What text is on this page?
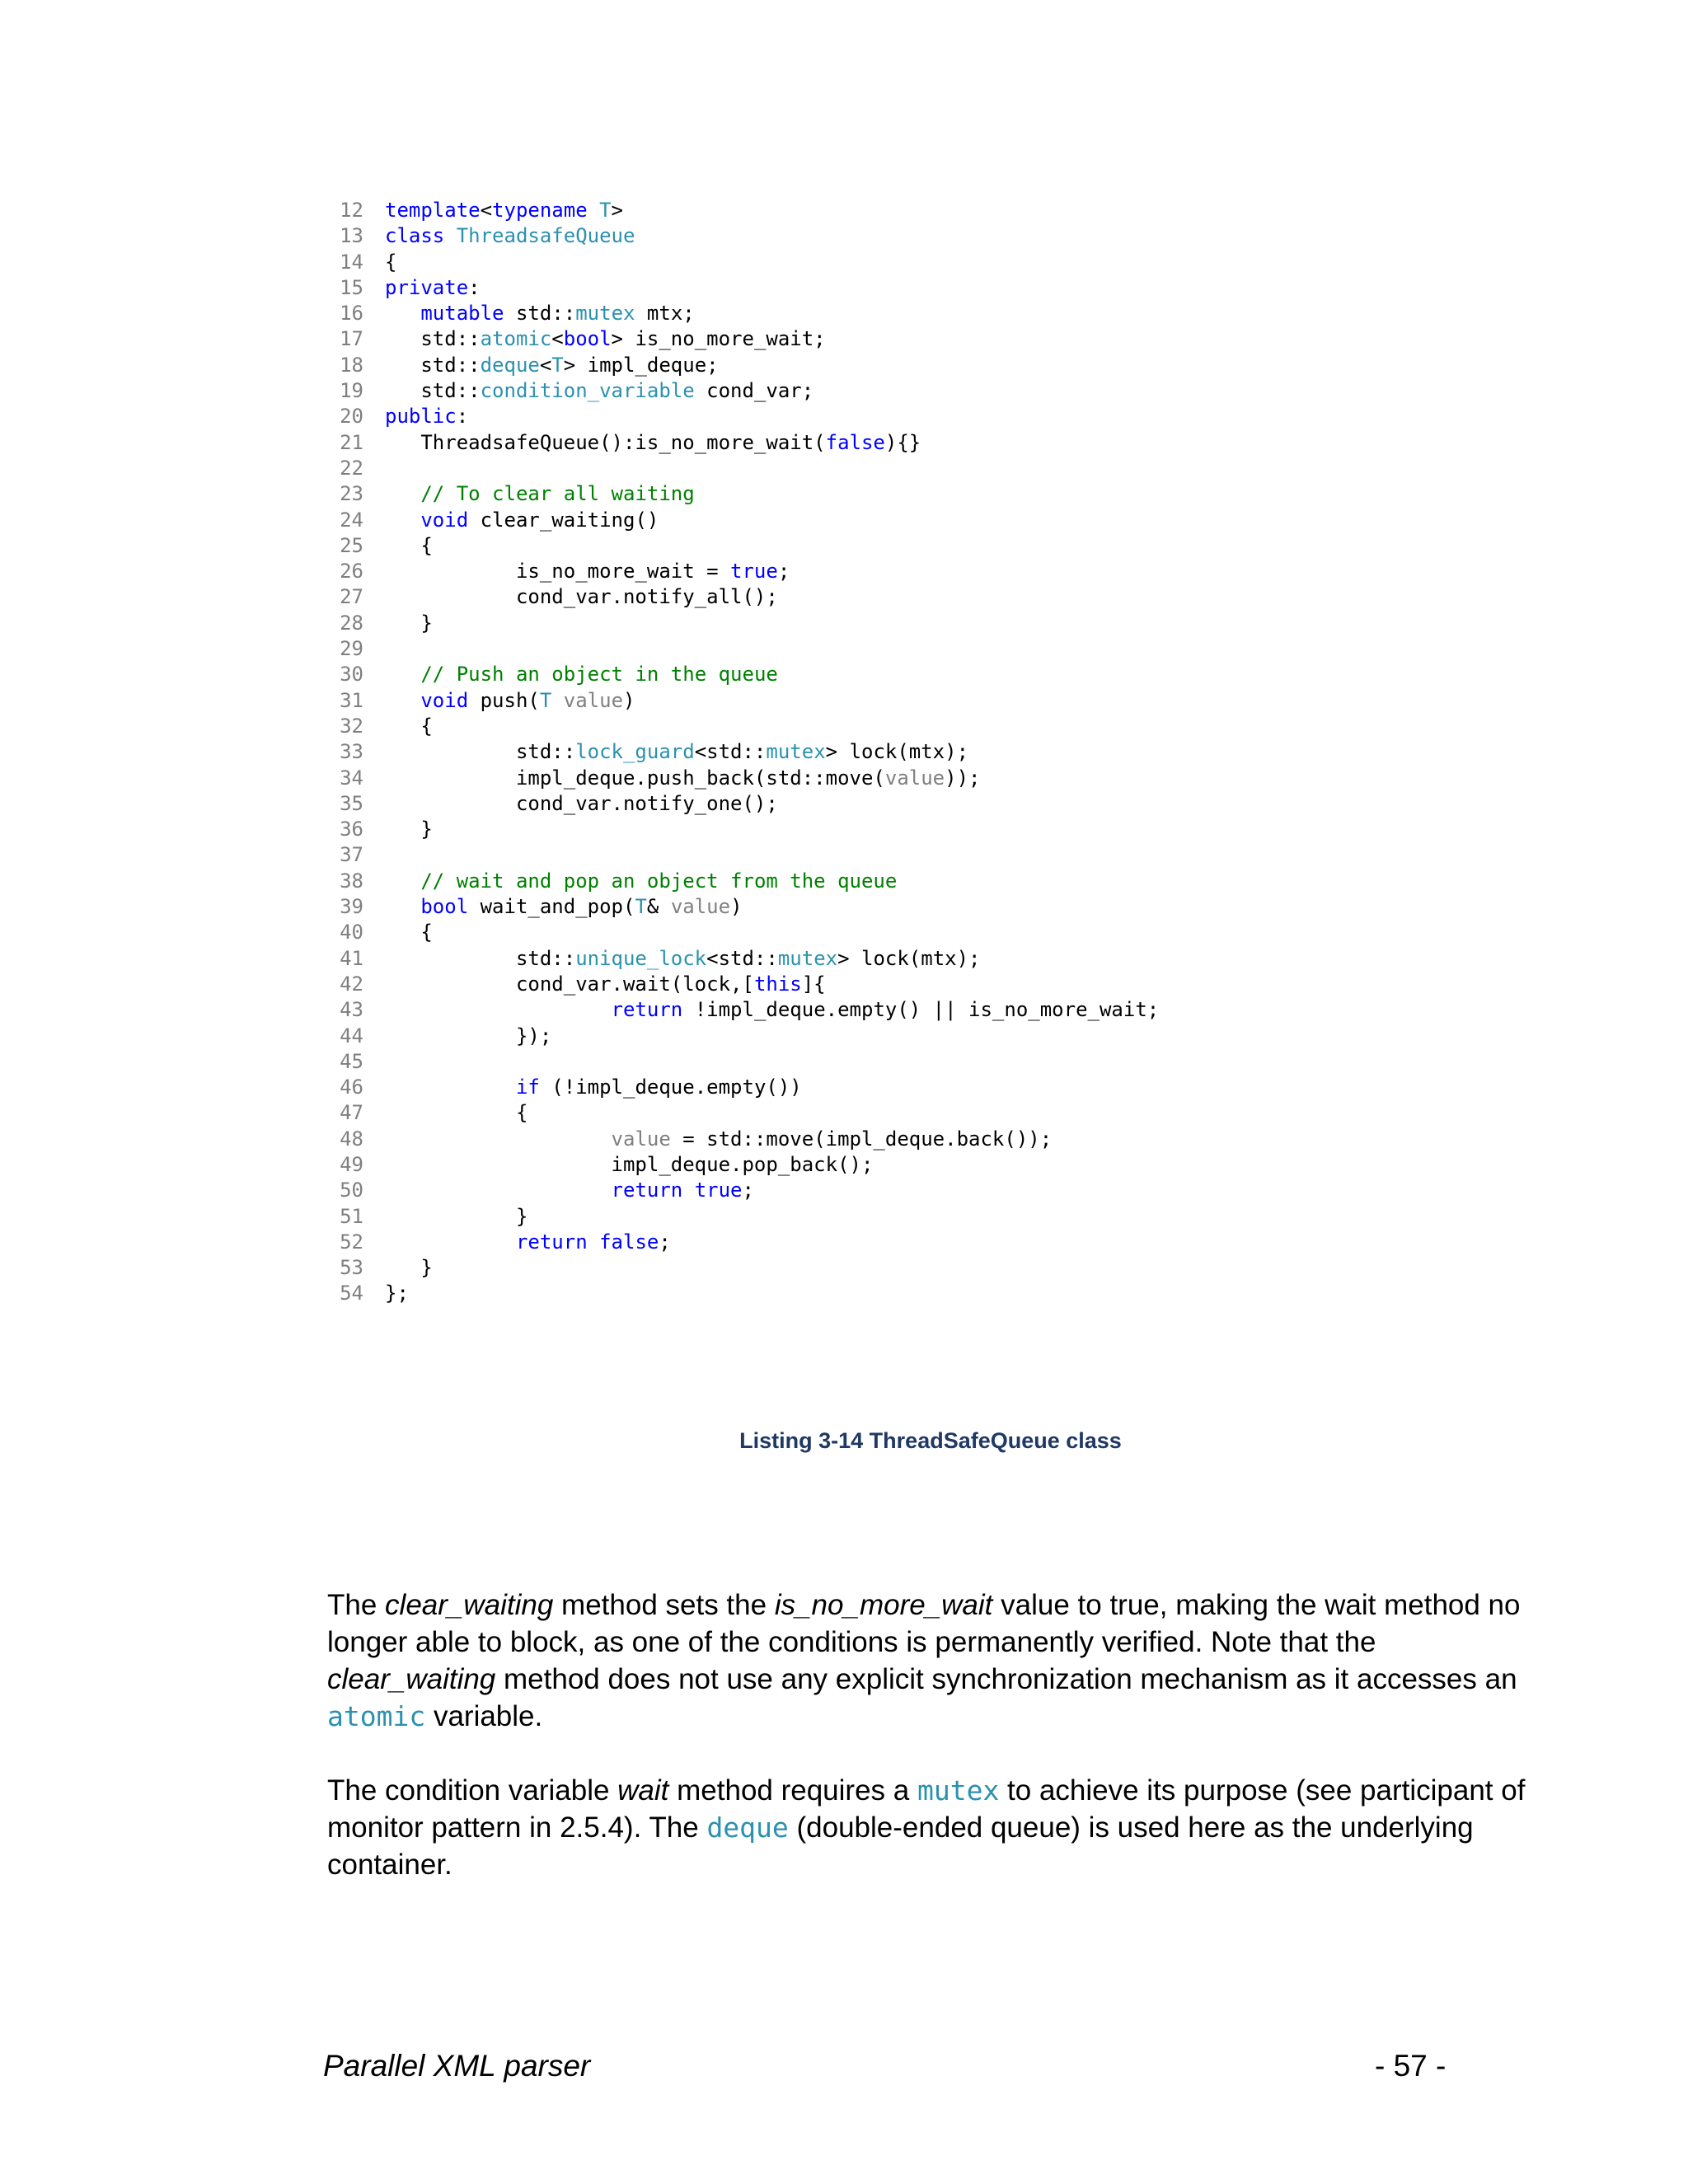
12 template<typename T>
13 class ThreadsafeQueue
14 {
15 private:
16	mutable std::mutex mtx;
17 std::atomic<bool> is_no_more_wait;
18 std::deque<T> impl_deque;
19 std::condition_variable cond_var;
20 public:
21 ThreadsafeQueue():is_no_more_wait(false){}
22
23	// To clear all waiting
24	void clear_waiting()
25 {
26 is_no_more_wait = true;
27 cond_var.notify_all();
28 }
29
30	// Push an object in the queue
31	void push(T value)
32 {
33 std::lock_guard<std::mutex> lock(mtx);
34 impl_deque.push_back(std::move(value));
35 cond_var.notify_one();
36 }
37
38	// wait and pop an object from the queue
39	bool wait_and_pop(T& value)
40 {
41 std::unique_lock<std::mutex> lock(mtx);
42 cond_var.wait(lock,[this]{
43	return !impl_deque.empty() || is_no_more_wait;
44 });
45
46	if (!impl_deque.empty())
47 {
48	value = std::move(impl_deque.back());
49 impl_deque.pop_back();
50	return true;
51 }
52	return false;
53 }
54 };
Listing 3-14 ThreadSafeQueue class

The clear_waiting method sets the is_no_more_wait value to true, making the wait method no longer able to block, as one of the conditions is permanently verified. Note that the clear_waiting method does not use any explicit synchronization mechanism as it accesses an atomic variable.

The condition variable wait method requires a mutex to achieve its purpose (see participant of monitor pattern in 2.5.4). The deque (double-ended queue) is used here as the underlying container.

Parallel XML parser	- 57 -
